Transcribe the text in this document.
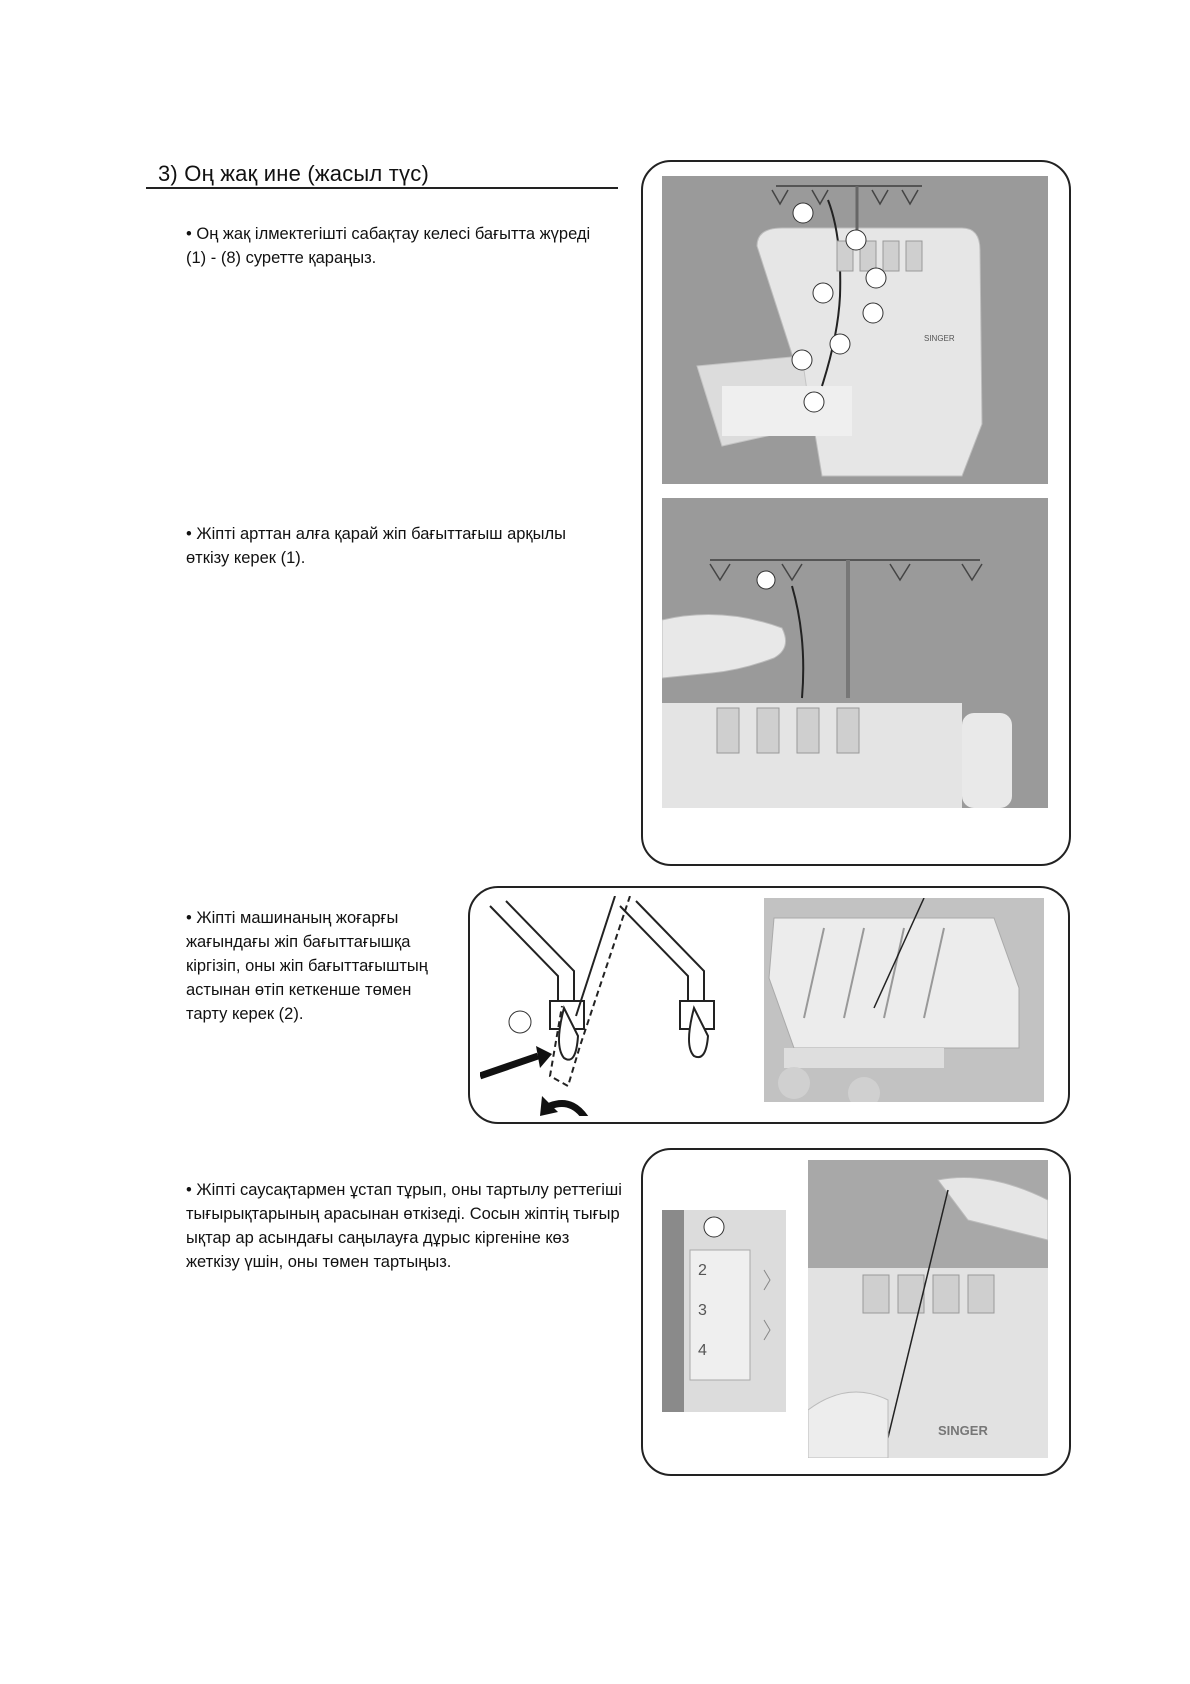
3) Оң жақ ине (жасыл түс)
• Оң жақ ілмектегішті сабақтау келесі бағытта жүреді (1) - (8) суретте қараңыз.
• Жіпті арттан алға қарай жіп бағыттағыш арқылы өткізу керек (1).
• Жіпті машинаның жоғарғы жағындағы жіп бағыттағышқа кіргізіп, оны жіп бағыттағыштың астынан өтіп кеткенше төмен тарту керек (2).
• Жіпті саусақтармен ұстап тұрып, оны тартылу реттегіші тығырықтарының арасынан өткізеді. Сосын жіптің тығыр ықтар ар асындағы саңылауға дұрыс кіргеніне көз жеткізу үшін, оны төмен тартыңыз.
SINGER
2
3
4
SINGER
